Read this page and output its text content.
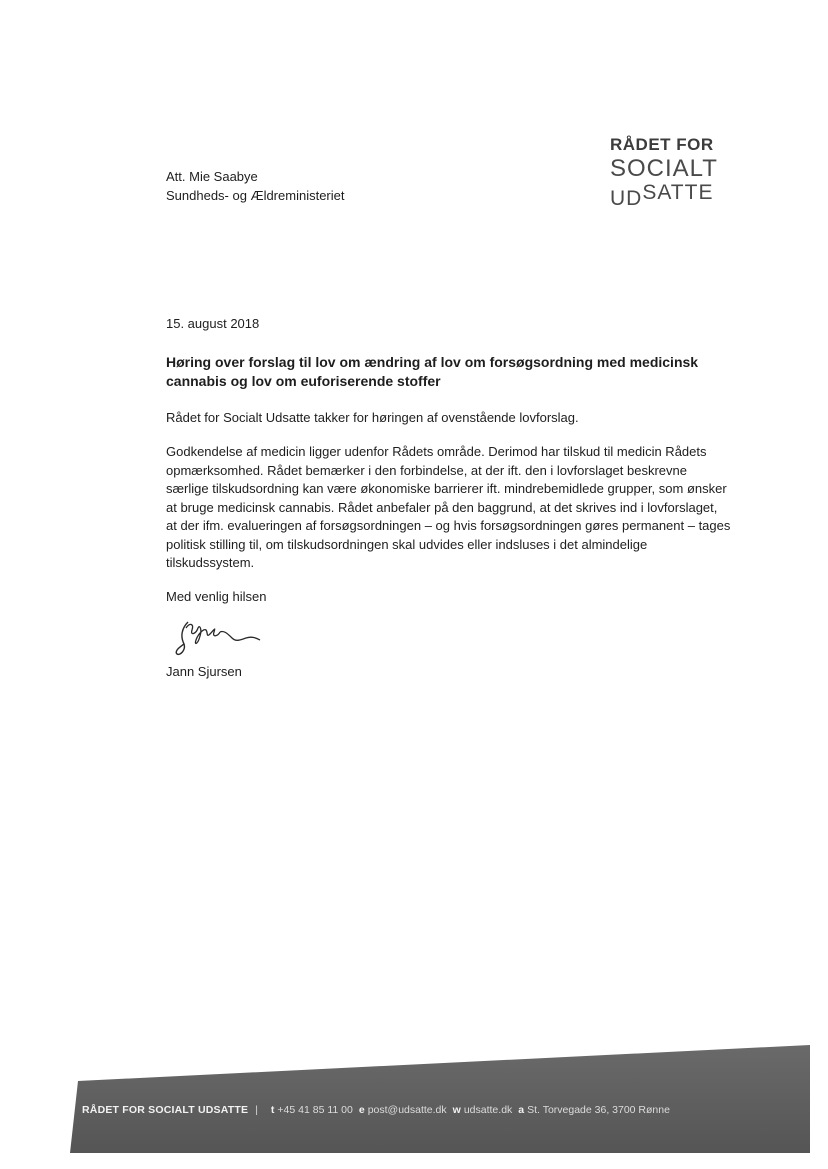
RÅDET FOR
SOCIALT
UDSATTE
Att. Mie Saabye
Sundheds- og Ældreministeriet
15. august 2018
Høring over forslag til lov om ændring af lov om forsøgsordning med medicinsk cannabis og lov om euforiserende stoffer

Rådet for Socialt Udsatte takker for høringen af ovenstående lovforslag.

Godkendelse af medicin ligger udenfor Rådets område. Derimod har tilskud til medicin Rådets opmærksomhed. Rådet bemærker i den forbindelse, at der ift. den i lovforslaget beskrevne særlige tilskudsordning kan være økonomiske barrierer ift. mindrebemidlede grupper, som ønsker at bruge medicinsk cannabis. Rådet anbefaler på den baggrund, at det skrives ind i lovforslaget, at der ifm. evalueringen af forsøgsordningen – og hvis forsøgsordningen gøres permanent – tages politisk stilling til, om tilskudsordningen skal udvides eller indsluses i det almindelige tilskudssystem.

Med venlig hilsen
Jann Sjursen
RÅDET FOR SOCIALT UDSATTE | t +45 41 85 11 00 e post@udsatte.dk w udsatte.dk a St. Torvegade 36, 3700 Rønne
